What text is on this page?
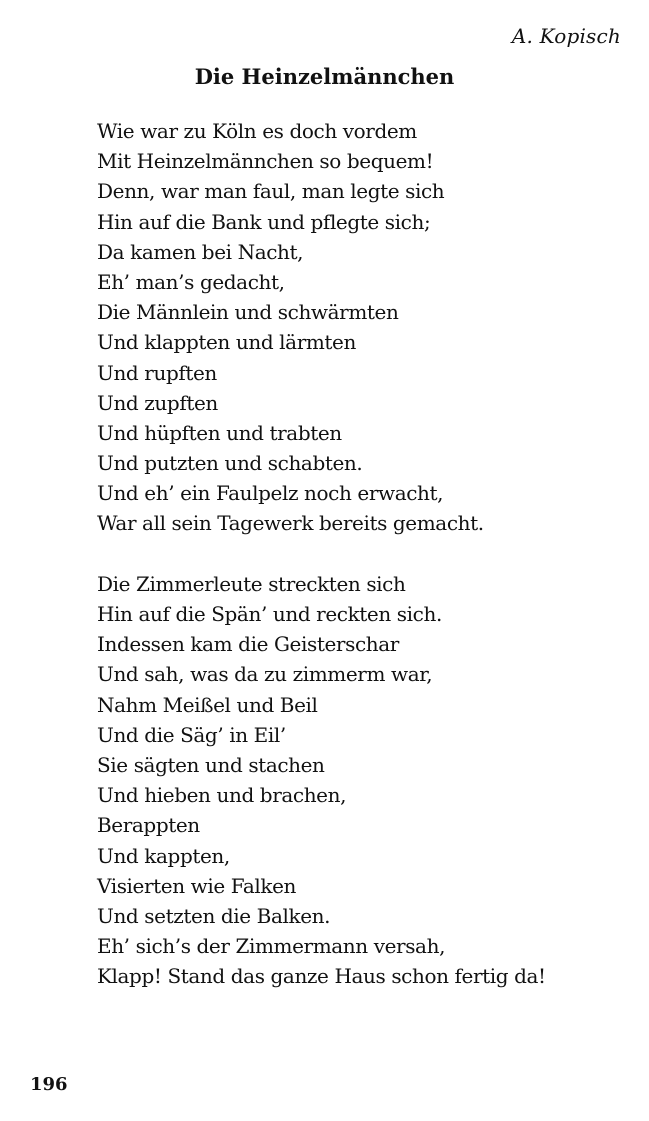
A. Kopisch
Die Heinzelmännchen
Wie war zu Köln es doch vordem
Mit Heinzelmännchen so bequem!
Denn, war man faul, man legte sich
Hin auf die Bank und pflegte sich;
Da kamen bei Nacht,
Eh’ man’s gedacht,
Die Männlein und schwärmten
Und klappten und lärmten
Und rupften
Und zupften
Und hüpften und trabten
Und putzten und schabten.
Und eh’ ein Faulpelz noch erwacht,
War all sein Tagewerk bereits gemacht.
Die Zimmerleute streckten sich
Hin auf die Spän’ und reckten sich.
Indessen kam die Geisterschar
Und sah, was da zu zimmerm war,
Nahm Meißel und Beil
Und die Säg’ in Eil’
Sie sägten und stachen
Und hieben und brachen,
Berappten
Und kappten,
Visierten wie Falken
Und setzten die Balken.
Eh’ sich’s der Zimmermann versah,
Klapp! Stand das ganze Haus schon fertig da!
196
